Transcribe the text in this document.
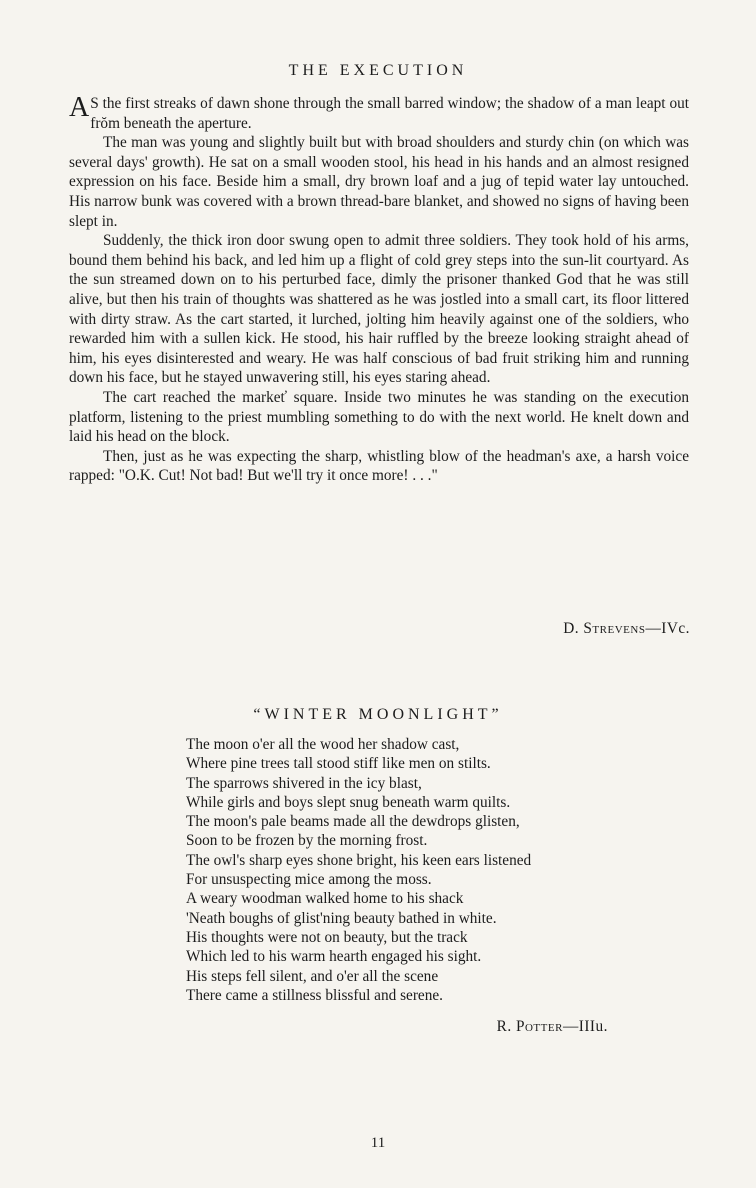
THE EXECUTION

A S the first streaks of dawn shone through the small barred window; the shadow of a man leapt out frŏm beneath the aperture.

The man was young and slightly built but with broad shoulders and sturdy chin (on which was several days' growth). He sat on a small wooden stool, his head in his hands and an almost resigned expression on his face. Beside him a small, dry brown loaf and a jug of tepid water lay untouched. His narrow bunk was covered with a brown thread-bare blanket, and showed no signs of having been slept in.

Suddenly, the thick iron door swung open to admit three soldiers. They took hold of his arms, bound them behind his back, and led him up a flight of cold grey steps into the sun-lit courtyard. As the sun streamed down on to his perturbed face, dimly the prisoner thanked God that he was still alive, but then his train of thoughts was shattered as he was jostled into a small cart, its floor littered with dirty straw. As the cart started, it lurched, jolting him heavily against one of the soldiers, who rewarded him with a sullen kick. He stood, his hair ruffled by the breeze looking straight ahead of him, his eyes disinterested and weary. He was half conscious of bad fruit striking him and running down his face, but he stayed unwavering still, his eyes staring ahead.

The cart reached the markeť square. Inside two minutes he was standing on the execution platform, listening to the priest mumbling something to do with the next world. He knelt down and laid his head on the block.

Then, just as he was expecting the sharp, whistling blow of the headman's axe, a harsh voice rapped: "O.K. Cut! Not bad! But we'll try it once more! . . ."

D. Strevens—IVc.
“WINTER MOONLIGHT”
The moon o'er all the wood her shadow cast,
Where pine trees tall stood stiff like men on stilts.
The sparrows shivered in the icy blast,
While girls and boys slept snug beneath warm quilts.
The moon's pale beams made all the dewdrops glisten,
Soon to be frozen by the morning frost.
The owl's sharp eyes shone bright, his keen ears listened
For unsuspecting mice among the moss.
A weary woodman walked home to his shack
'Neath boughs of glist'ning beauty bathed in white.
His thoughts were not on beauty, but the track
Which led to his warm hearth engaged his sight.
His steps fell silent, and o'er all the scene
There came a stillness blissful and serene.
R. Potter—IIIu.
11
